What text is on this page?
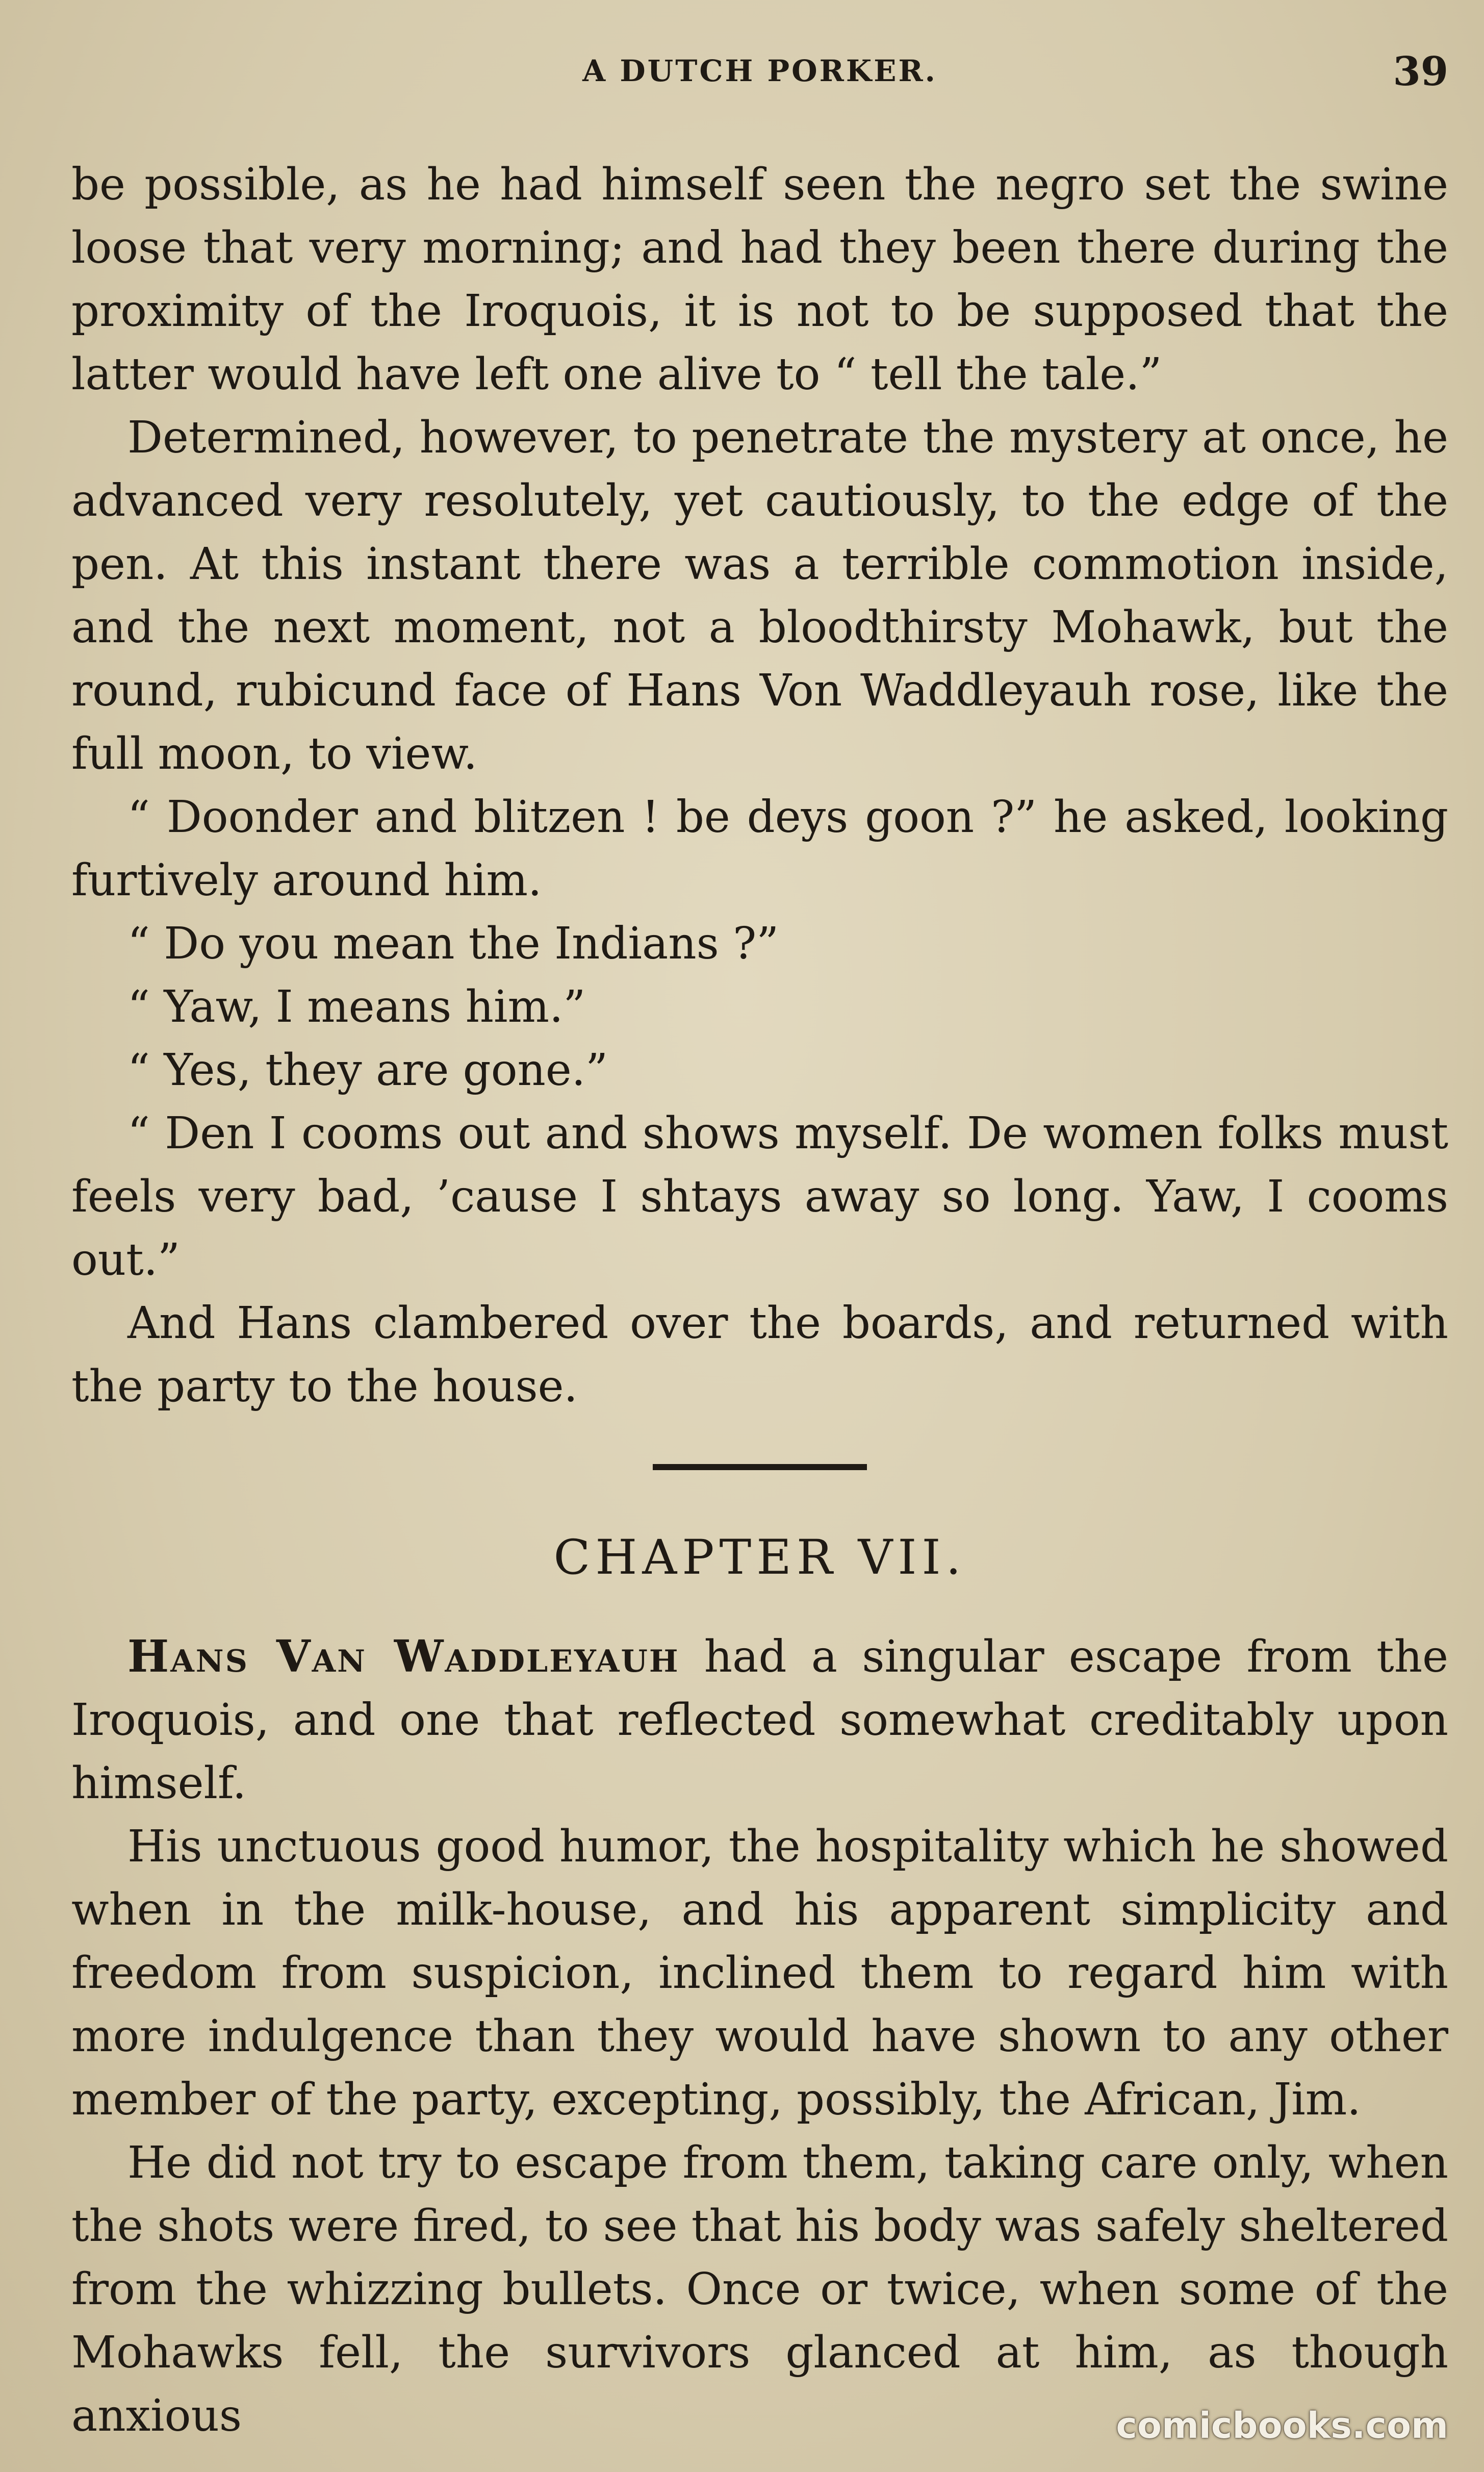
A DUTCH PORKER.	39

be possible, as he had himself seen the negro set the swine loose that very morning; and had they been there during the proximity of the Iroquois, it is not to be supposed that the latter would have left one alive to “ tell the tale.”

Determined, however, to penetrate the mystery at once, he advanced very resolutely, yet cautiously, to the edge of the pen. At this instant there was a terrible commotion inside, and the next moment, not a bloodthirsty Mohawk, but the round, rubicund face of Hans Von Waddleyauh rose, like the full moon, to view.

“ Doonder and blitzen ! be deys goon ?” he asked, looking furtively around him.

“ Do you mean the Indians ?”

“ Yaw, I means him.”

“ Yes, they are gone.”

“ Den I cooms out and shows myself. De women folks must feels very bad, ’cause I shtays away so long. Yaw, I cooms out.”

And Hans clambered over the boards, and returned with the party to the house.

CHAPTER VII.

Hans Van Waddleyauh had a singular escape from the Iroquois, and one that reflected somewhat creditably upon himself.

His unctuous good humor, the hospitality which he showed when in the milk-house, and his apparent simplicity and freedom from suspicion, inclined them to regard him with more indulgence than they would have shown to any other member of the party, excepting, possibly, the African, Jim.

He did not try to escape from them, taking care only, when the shots were fired, to see that his body was safely sheltered from the whizzing bullets. Once or twice, when some of the Mohawks fell, the survivors glanced at him, as though anxious	comicbooks.com
